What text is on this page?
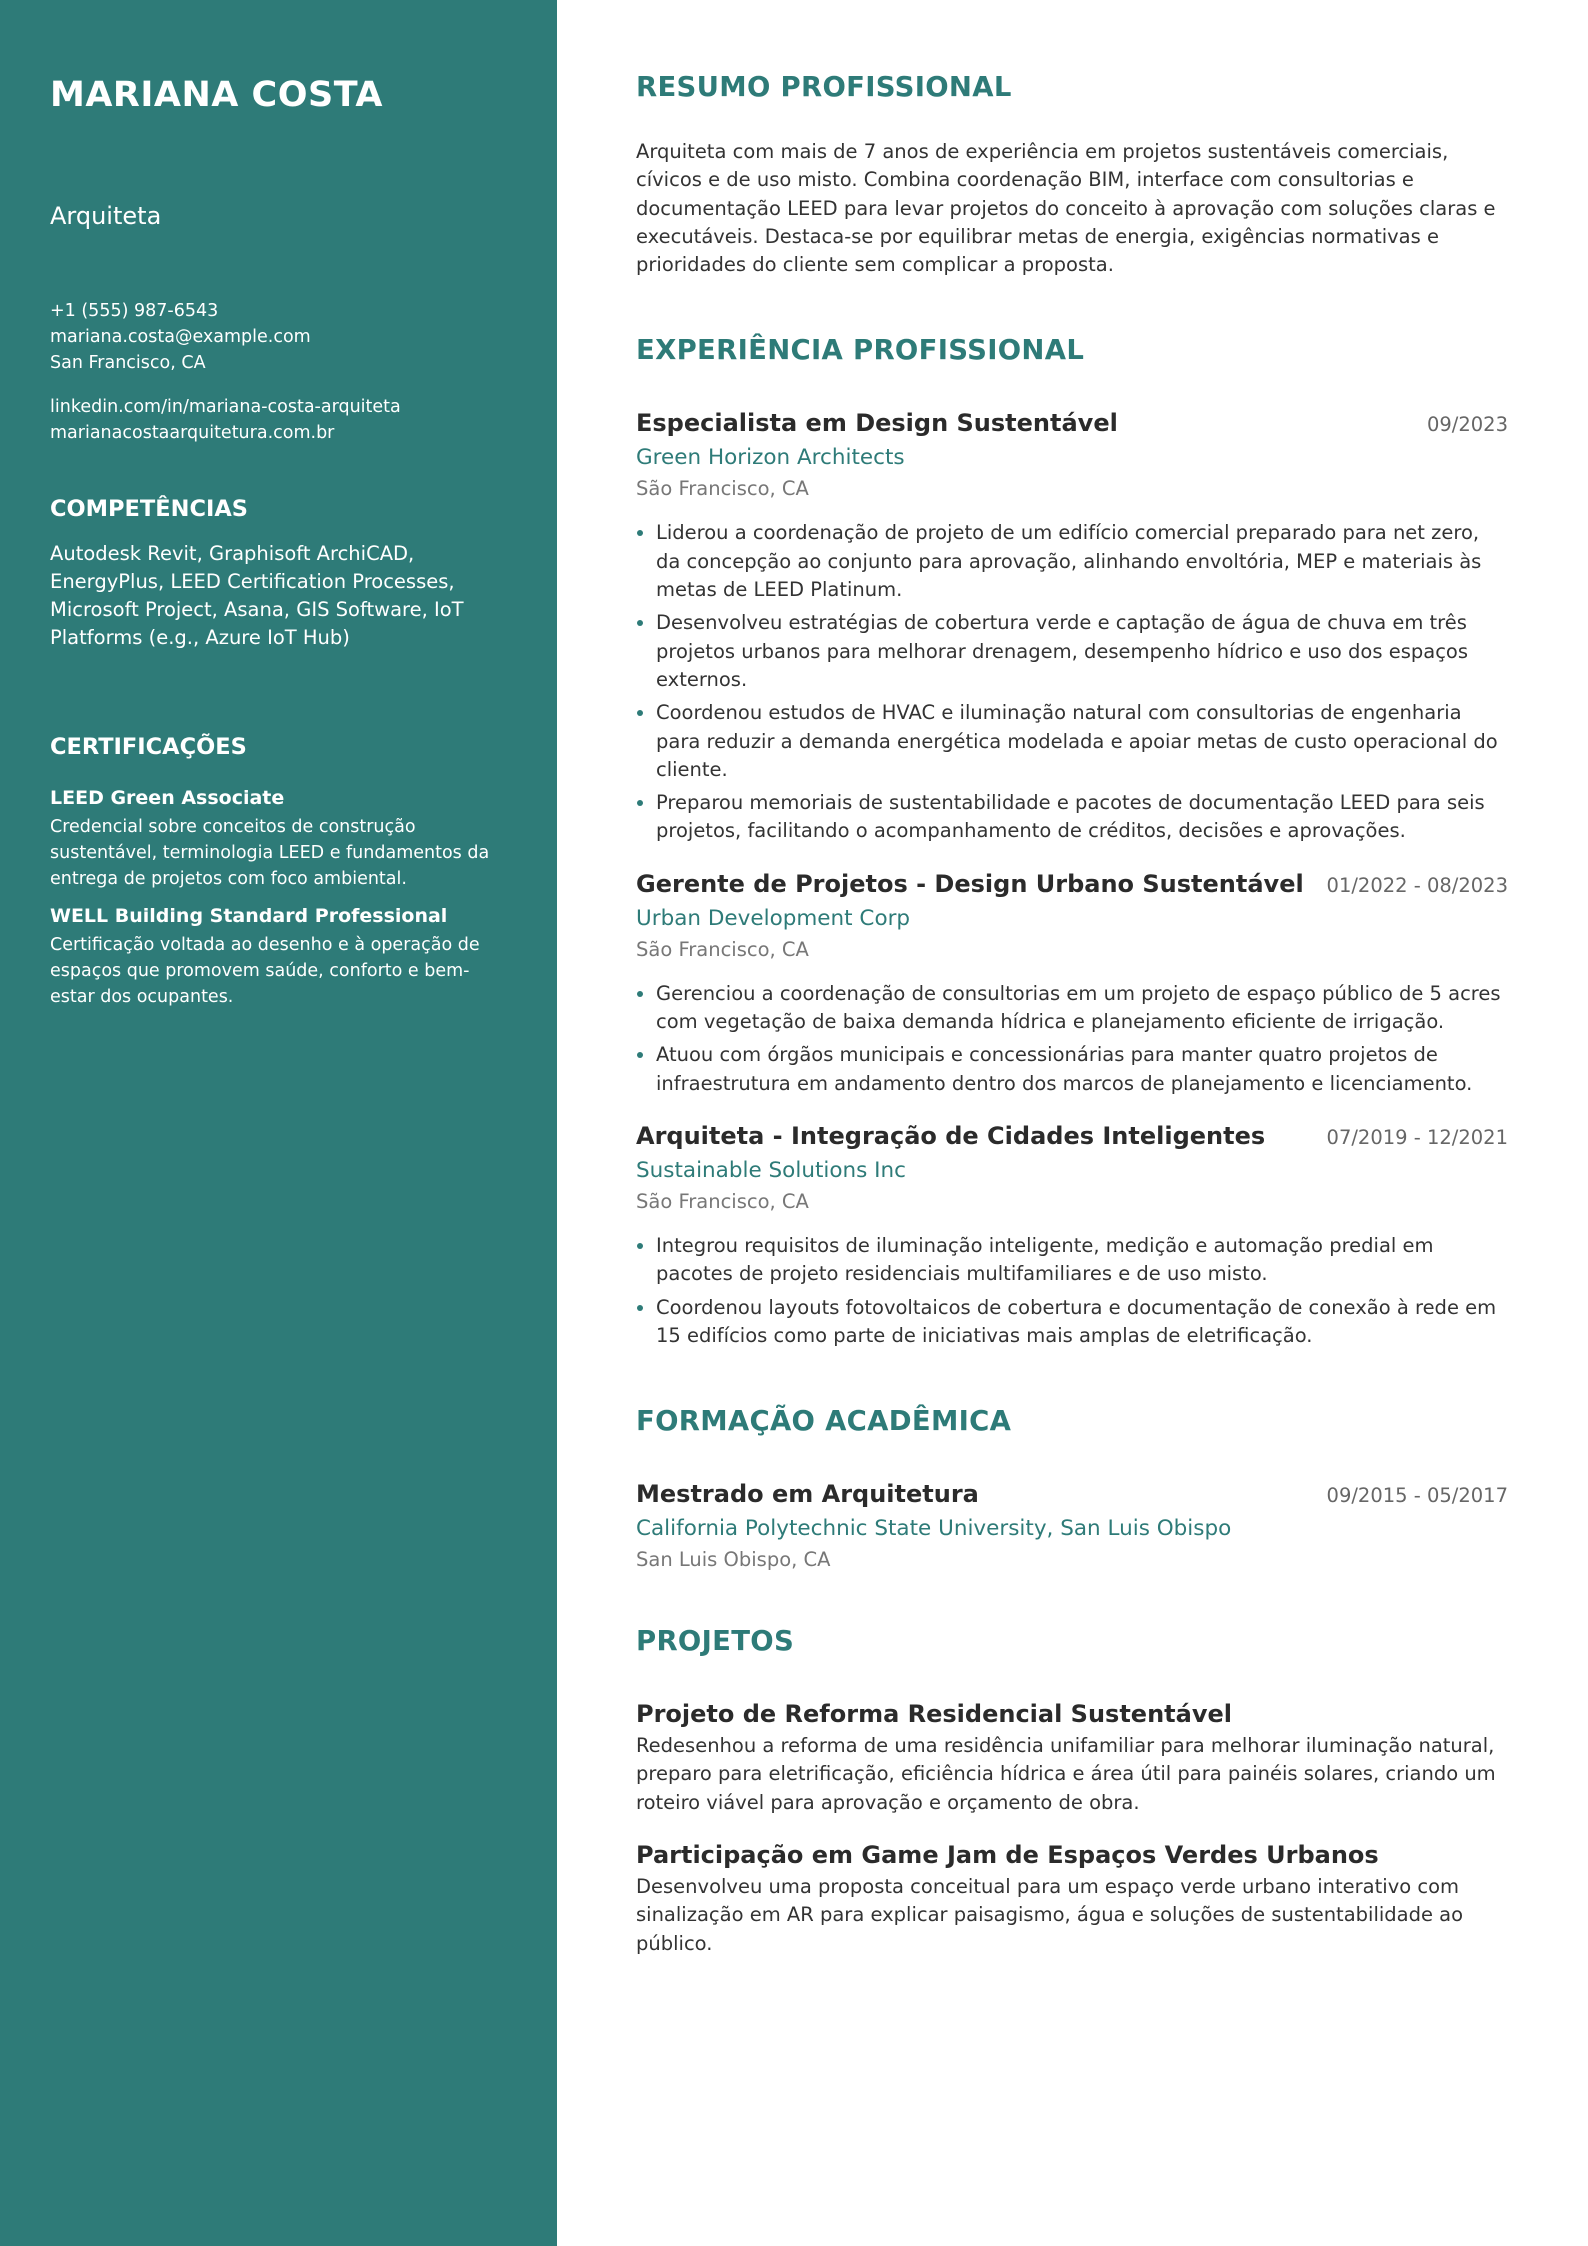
MARIANA COSTA
Arquiteta
+1 (555) 987-6543
mariana.costa@example.com
San Francisco, CA
linkedin.com/in/mariana-costa-arquiteta
marianacostaarquitetura.com.br
COMPETÊNCIAS

Autodesk Revit, Graphisoft ArchiCAD, EnergyPlus, LEED Certification Processes, Microsoft Project, Asana, GIS Software, IoT Platforms (e.g., Azure IoT Hub)

CERTIFICAÇÕES
LEED Green Associate
Credencial sobre conceitos de construção sustentável, terminologia LEED e fundamentos da entrega de projetos com foco ambiental.
WELL Building Standard Professional
Certificação voltada ao desenho e à operação de espaços que promovem saúde, conforto e bem-estar dos ocupantes.
RESUMO PROFISSIONAL

Arquiteta com mais de 7 anos de experiência em projetos sustentáveis comerciais, cívicos e de uso misto. Combina coordenação BIM, interface com consultorias e documentação LEED para levar projetos do conceito à aprovação com soluções claras e executáveis. Destaca-se por equilibrar metas de energia, exigências normativas e prioridades do cliente sem complicar a proposta.

EXPERIÊNCIA PROFISSIONAL
Especialista em Design Sustentável	09/2023
Green Horizon Architects
São Francisco, CA
Liderou a coordenação de projeto de um edifício comercial preparado para net zero, da concepção ao conjunto para aprovação, alinhando envoltória, MEP e materiais às metas de LEED Platinum.
Desenvolveu estratégias de cobertura verde e captação de água de chuva em três projetos urbanos para melhorar drenagem, desempenho hídrico e uso dos espaços externos.
Coordenou estudos de HVAC e iluminação natural com consultorias de engenharia para reduzir a demanda energética modelada e apoiar metas de custo operacional do cliente.
Preparou memoriais de sustentabilidade e pacotes de documentação LEED para seis projetos, facilitando o acompanhamento de créditos, decisões e aprovações.
Gerente de Projetos - Design Urbano Sustentável 01/2022 - 08/2023
Urban Development Corp
São Francisco, CA
Gerenciou a coordenação de consultorias em um projeto de espaço público de 5 acres com vegetação de baixa demanda hídrica e planejamento eficiente de irrigação.
Atuou com órgãos municipais e concessionárias para manter quatro projetos de infraestrutura em andamento dentro dos marcos de planejamento e licenciamento.
Arquiteta - Integração de Cidades Inteligentes	07/2019 - 12/2021
Sustainable Solutions Inc
São Francisco, CA
Integrou requisitos de iluminação inteligente, medição e automação predial em pacotes de projeto residenciais multifamiliares e de uso misto.
Coordenou layouts fotovoltaicos de cobertura e documentação de conexão à rede em 15 edifícios como parte de iniciativas mais amplas de eletrificação.
FORMAÇÃO ACADÊMICA
Mestrado em Arquitetura	09/2015 - 05/2017
California Polytechnic State University, San Luis Obispo
San Luis Obispo, CA
PROJETOS
Projeto de Reforma Residencial Sustentável
Redesenhou a reforma de uma residência unifamiliar para melhorar iluminação natural, preparo para eletrificação, eficiência hídrica e área útil para painéis solares, criando um roteiro viável para aprovação e orçamento de obra.
Participação em Game Jam de Espaços Verdes Urbanos
Desenvolveu uma proposta conceitual para um espaço verde urbano interativo com sinalização em AR para explicar paisagismo, água e soluções de sustentabilidade ao público.
